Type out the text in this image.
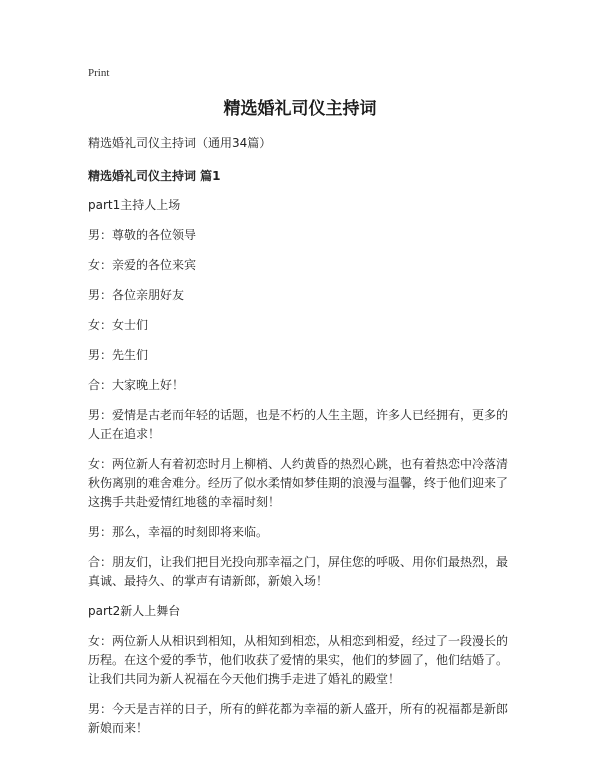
Print
精选婚礼司仪主持词
精选婚礼司仪主持词（通用34篇）
精选婚礼司仪主持词 篇1

part1主持人上场

男：尊敬的各位领导

女：亲爱的各位来宾

男：各位亲朋好友

女：女士们

男：先生们

合：大家晚上好！

男：爱情是古老而年轻的话题，也是不朽的人生主题，许多人已经拥有，更多的人正在追求！

女：两位新人有着初恋时月上柳梢、人约黄昏的热烈心跳，也有着热恋中冷落清秋伤离别的难舍难分。经历了似水柔情如梦佳期的浪漫与温馨，终于他们迎来了这携手共赴爱情红地毯的幸福时刻！

男：那么，幸福的时刻即将来临。

合：朋友们，让我们把目光投向那幸福之门，屏住您的呼吸、用你们最热烈，最真诚、最持久、的掌声有请新郎，新娘入场！

part2新人上舞台

女：两位新人从相识到相知，从相知到相恋，从相恋到相爱，经过了一段漫长的历程。在这个爱的季节，他们收获了爱情的果实，他们的梦圆了，他们结婚了。让我们共同为新人祝福在今天他们携手走进了婚礼的殿堂！

男：今天是吉祥的日子，所有的鲜花都为幸福的新人盛开，所有的祝福都是新郎新娘而来！
